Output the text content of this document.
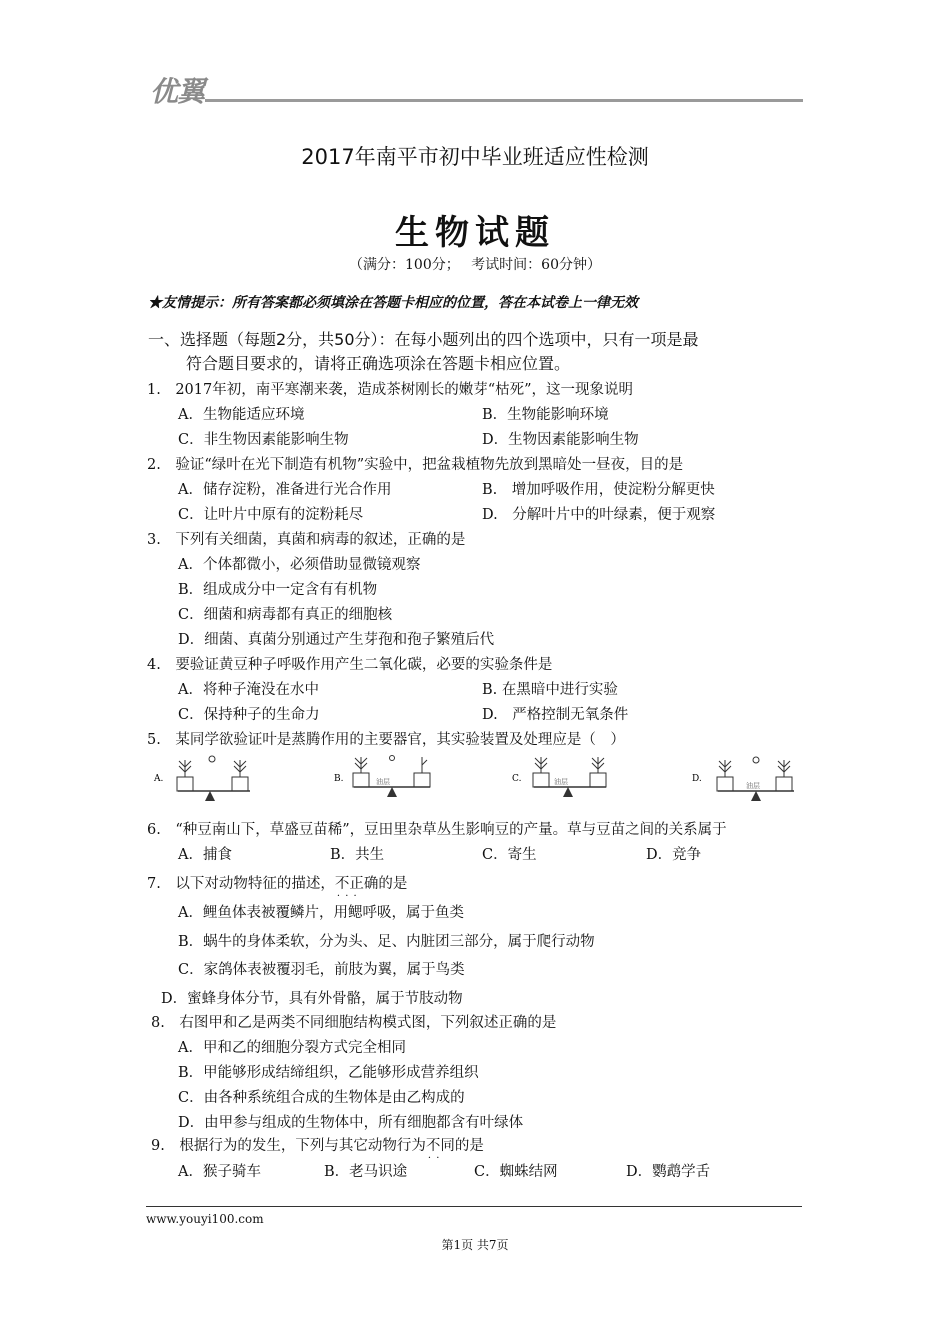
优翼
2017年南平市初中毕业班适应性检测
生物试题
（满分：100分；　 考试时间：60分钟）
★友情提示：所有答案都必须填涂在答题卡相应的位置，答在本试卷上一律无效
一、选择题（每题2分，共50分）：在每小题列出的四个选项中，只有一项是最
符合题目要求的，请将正确选项涂在答题卡相应位置。
1.　2017年初，南平寒潮来袭，造成茶树刚长的嫩芽“枯死”，这一现象说明
A．生物能适应环境	B．生物能影响环境
C．非生物因素能影响生物	D．生物因素能影响生物
2.　验证“绿叶在光下制造有机物”实验中，把盆栽植物先放到黑暗处一昼夜，目的是
A．储存淀粉，准备进行光合作用	B.　增加呼吸作用，使淀粉分解更快
C．让叶片中原有的淀粉耗尽	D.　分解叶片中的叶绿素，便于观察
3.　下列有关细菌，真菌和病毒的叙述，正确的是
A．个体都微小，必须借助显微镜观察
B．组成成分中一定含有有机物
C．细菌和病毒都有真正的细胞核
D．细菌、真菌分别通过产生芽孢和孢子繁殖后代
4.　要验证黄豆种子呼吸作用产生二氧化碳，必要的实验条件是
A．将种子淹没在水中	B. 在黑暗中进行实验
C．保持种子的生命力	D.　严格控制无氧条件
5.　某同学欲验证叶是蒸腾作用的主要器官，其实验装置及处理应是（　）
A.	B.	油层	C.	油层	D.
油层
6.　“种豆南山下，草盛豆苗稀”，豆田里杂草丛生影响豆的产量。草与豆苗之间的关系属于
A．捕食	B．共生	C．寄生	D．竞争
7.　以下对动物特征的描述，不正确 · · ·的是
A．鲤鱼体表被覆鳞片，用鳃呼吸，属于鱼类
B．蜗牛的身体柔软，分为头、足、内脏团三部分，属于爬行动物
C．家鸽体表被覆羽毛，前肢为翼，属于鸟类
D．蜜蜂身体分节，具有外骨骼，属于节肢动物
8.　右图甲和乙是两类不同细胞结构模式图，下列叙述正确的是
A．甲和乙的细胞分裂方式完全相同
B．甲能够形成结缔组织，乙能够形成营养组织
C．由各种系统组合成的生物体是由乙构成的
D．由甲参与组成的生物体中，所有细胞都含有叶绿体
9.　根据行为的发生，下列与其它动物行为不同 · ·的是
A．猴子骑车	B．老马识途	C．蜘蛛结网	D．鹦鹉学舌
www.youyi100.com
第1页 共7页
